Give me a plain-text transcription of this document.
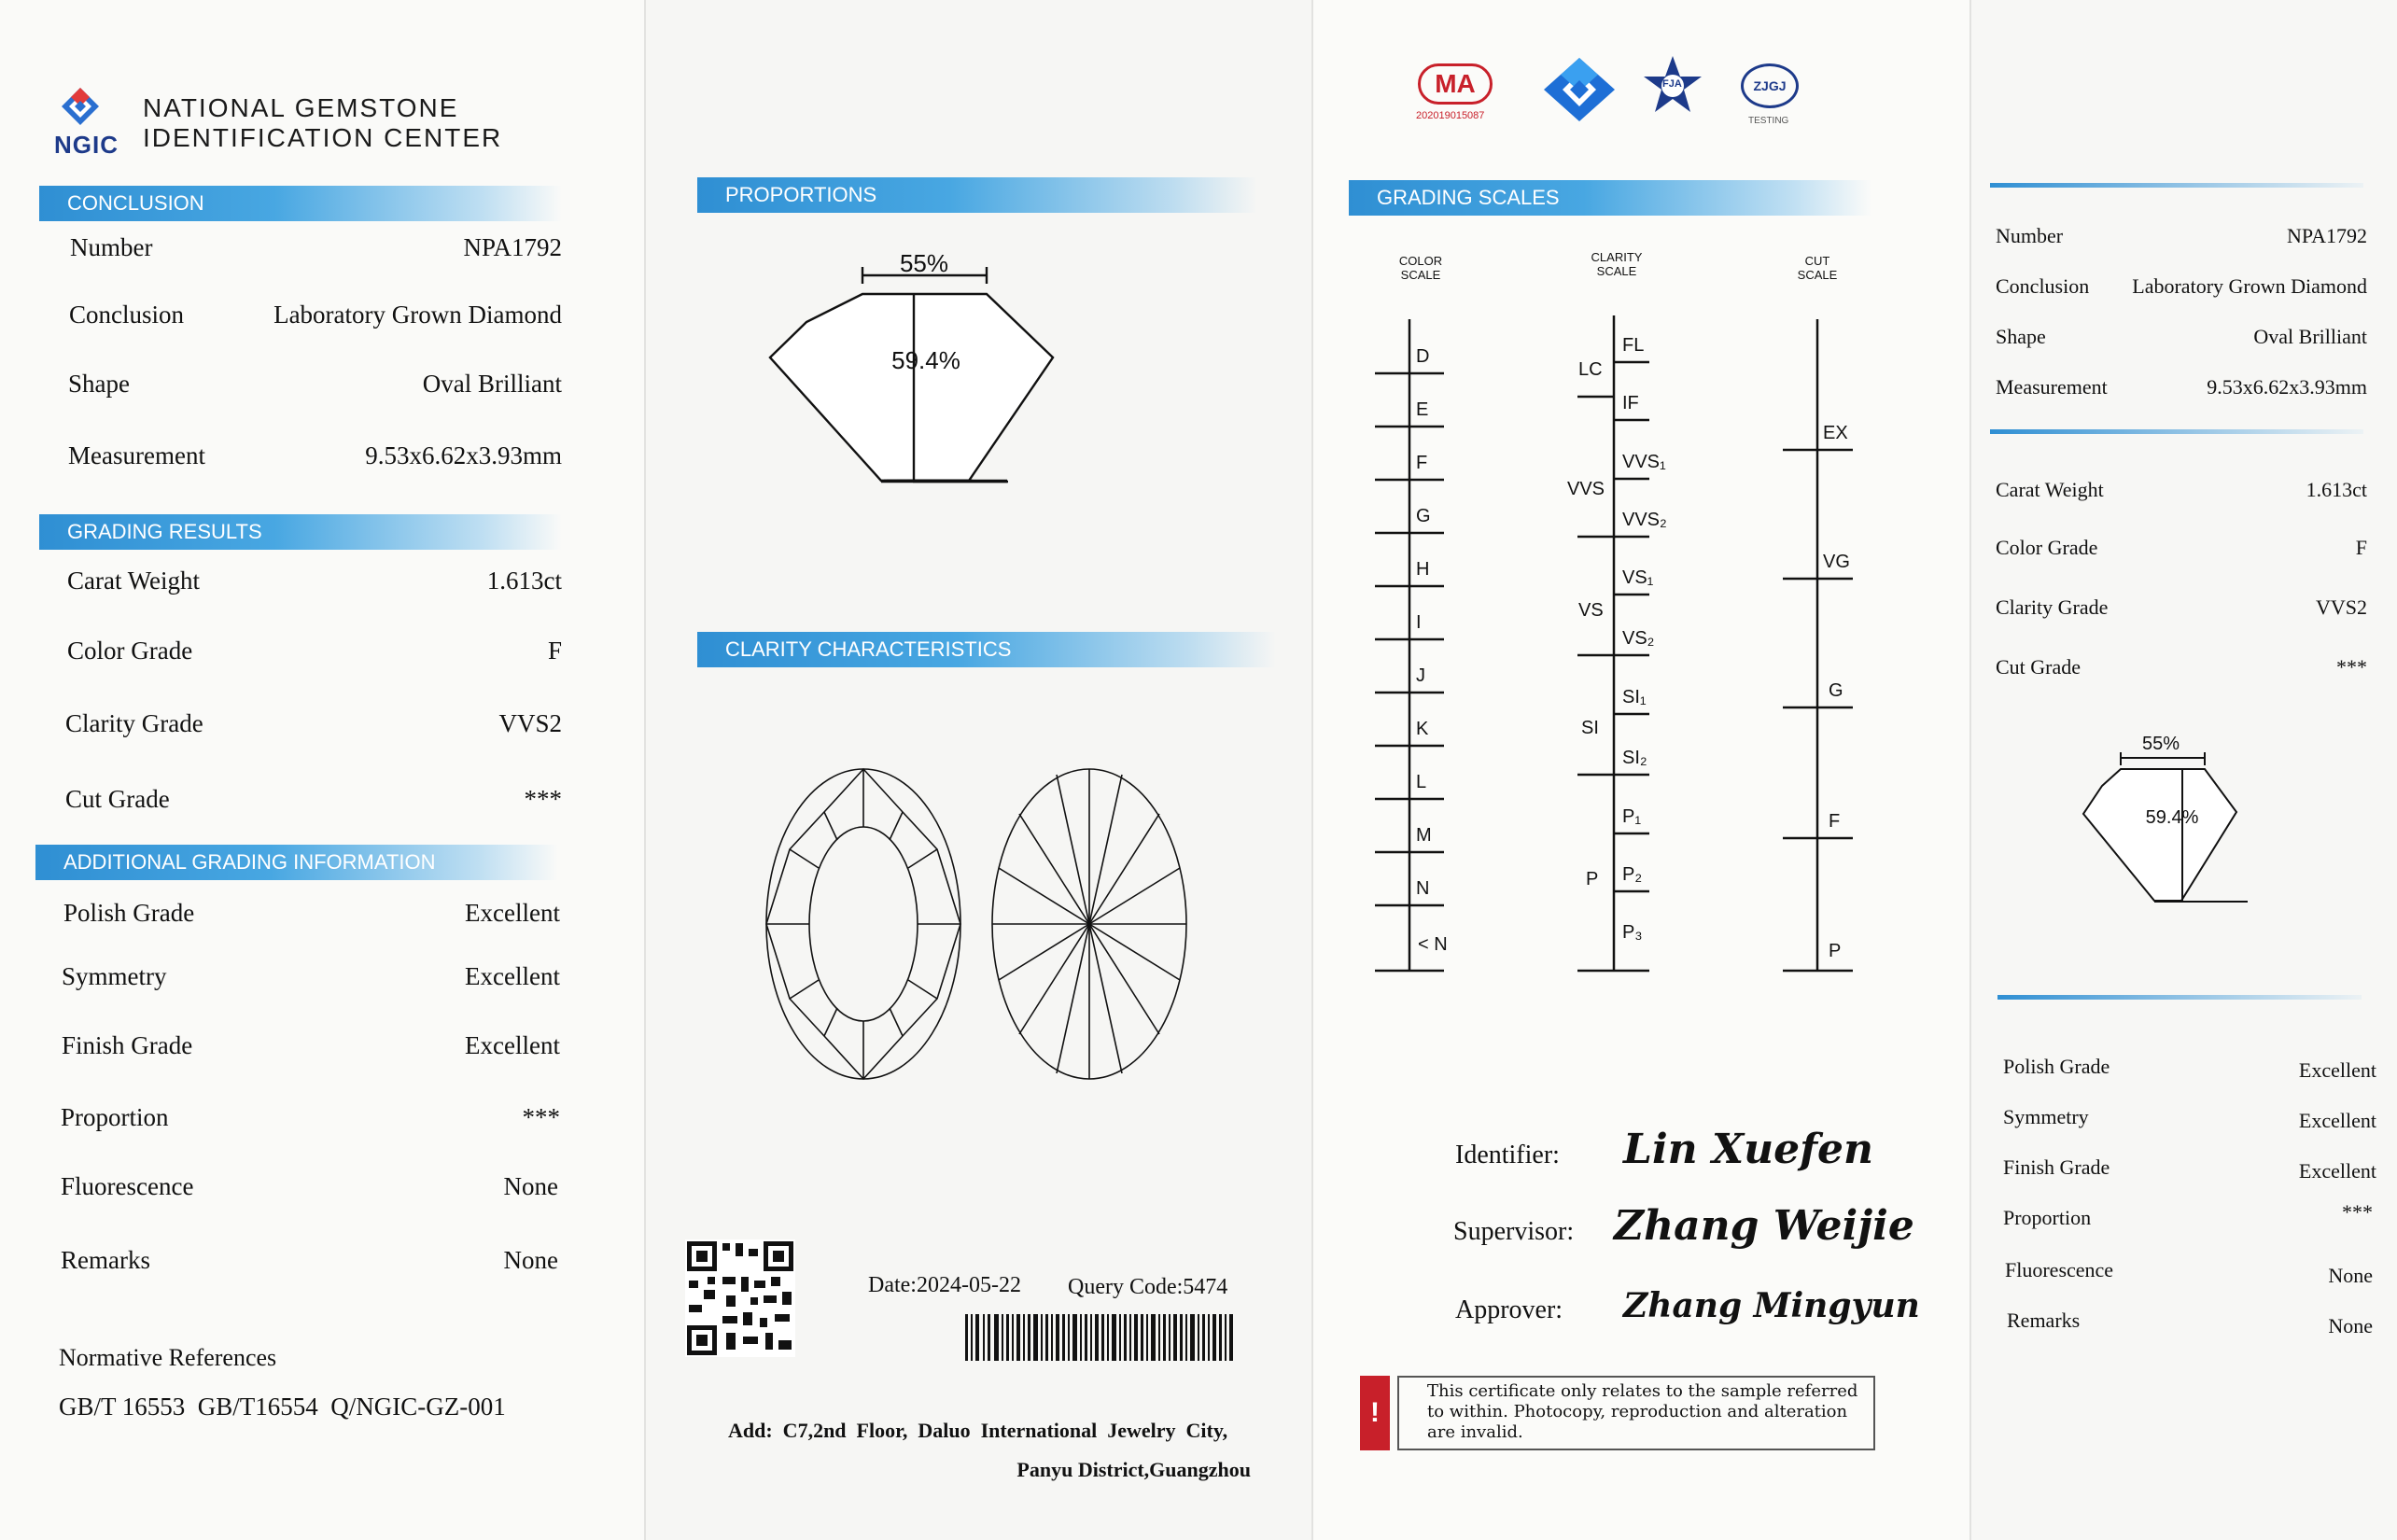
NGIC
NATIONAL GEMSTONE
IDENTIFICATION CENTER
CONCLUSION
Number	NPA1792
Conclusion	Laboratory Grown Diamond
Shape	Oval Brilliant
Measurement	9.53x6.62x3.93mm
GRADING RESULTS
Carat Weight	1.613ct
Color Grade	F
Clarity Grade	VVS2
Cut Grade	***
ADDITIONAL GRADING INFORMATION
Polish Grade	Excellent
Symmetry	Excellent
Finish Grade	Excellent
Proportion	***
Fluorescence	None
Remarks	None
Normative References
GB/T 16553  GB/T16554  Q/NGIC-GZ-001
PROPORTIONS
55%
59.4%
CLARITY CHARACTERISTICS
Date:2024-05-22 Query Code:5474
Add:  C7,2nd  Floor,  Daluo  International  Jewelry  City,
Panyu District,Guangzhou
MA
202019015087
FJA	ZJGJ
TESTING
GRADING SCALES
COLOR
SCALE
CLARITY
SCALE
CUT
SCALE
D
E
F
G
H
I
J
K
L
M
N
< N
FL
IF
VVS₁
VVS₂
VS₁
VS₂
SI₁
SI₂
P₁
P₂
P₃
LC
VVS
VS
SI
P
EX
VG
G
F
P
Identifier: Lin Xuefen
Supervisor: Zhang Weijie
Approver: Zhang Mingyun
!
This certificate only relates to the sample referred
to within. Photocopy, reproduction and alteration
are invalid.
Number	NPA1792
Conclusion Laboratory Grown Diamond
Shape	Oval Brilliant
Measurement	9.53x6.62x3.93mm
Carat Weight	1.613ct
Color Grade	F
Clarity Grade	VVS2
Cut Grade	***
55%
59.4%
Polish Grade	Excellent
Symmetry	Excellent
Finish Grade	Excellent
Proportion	***
Fluorescence	None
Remarks	None
